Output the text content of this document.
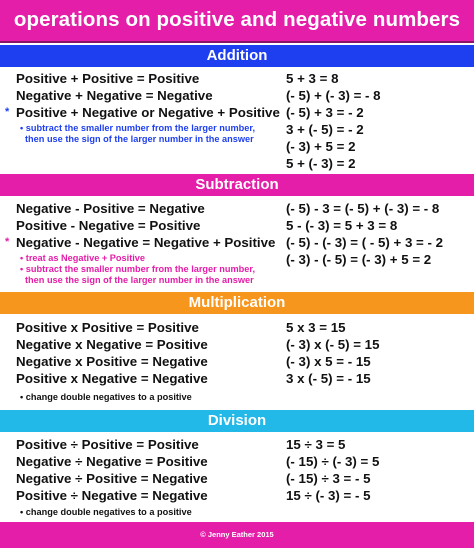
operations on positive and negative numbers
Addition
Positive + Positive = Positive
Negative + Negative = Negative
* Positive + Negative or Negative + Positive
• subtract the smaller number from the larger number,
then use the sign of the larger number in the answer
5 + 3 = 8
(- 5) + (- 3) = - 8
(- 5) + 3 = - 2
3 + (- 5) = - 2
(- 3) + 5 = 2
5 + (- 3) = 2
Subtraction
Negative - Positive = Negative
Positive - Negative = Positive
* Negative - Negative = Negative + Positive
• treat as Negative + Positive
• subtract the smaller number from the larger number,
then use the sign of the larger number in the answer
(- 5) - 3 = (- 5) + (- 3) = - 8
5 - (- 3) = 5 + 3 = 8
(- 5) - (- 3) = ( - 5) + 3 = - 2
(- 3) - (- 5) = (- 3) + 5 = 2
Multiplication
Positive x Positive = Positive
Negative x Negative = Positive
Negative x Positive = Negative
Positive x Negative = Negative
• change double negatives to a positive
5 x 3 = 15
(- 3) x (- 5) = 15
(- 3) x 5 = - 15
3 x (- 5) = - 15
Division
Positive ÷ Positive = Positive
Negative ÷ Negative = Positive
Negative ÷ Positive = Negative
Positive ÷ Negative = Negative
• change double negatives to a positive
15 ÷ 3 = 5
(- 15) ÷ (- 3) = 5
(- 15) ÷ 3 = - 5
15 ÷ (- 3) = - 5
© Jenny Eather 2015
